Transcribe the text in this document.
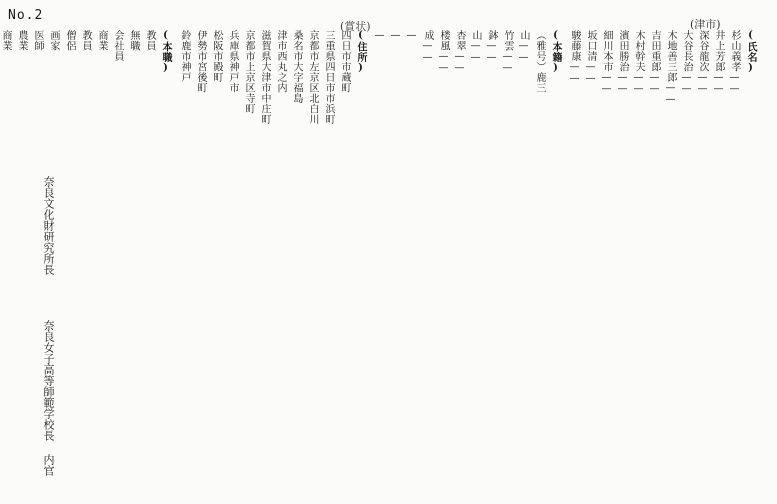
No.2
(賞状)	(津市)
(氏名)
杉山義孝——
井上芳郎——
深谷龍次——
大谷長治——
木地善三郎——
吉田重郎——
木村幹夫——
濱田勝治——
細川本市——
坂口清——
駿藤康——
(本籍)
（雅号）鹿三
山——
竹雲——
鉢——
山——
杏翠——
楼風——
成——
—
—
—
(住所)
四日市市蔵町
三重県四日市市浜町
京都市左京区北白川
桑名市大字福島
津市西丸之内
滋賀県大津市中庄町
京都市上京区寺町
兵庫県神戸市
松阪市殿町
伊勢市宮後町
鈴鹿市神戸
(本職)
教員
無職
会社員
商業
教員
僧侶
画家
医師
農業
商業
奈良文化財研究所長
奈良女子高等師範学校長 内官
